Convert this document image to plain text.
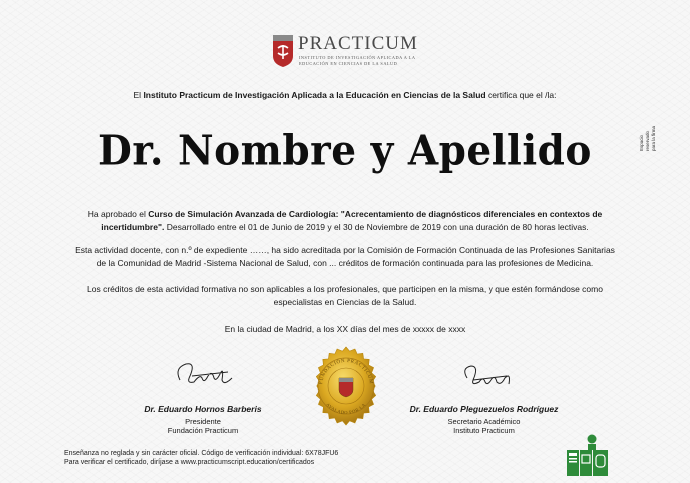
PRACTICUM
INSTITUTO DE INVESTIGACIÓN APLICADA A LA
EDUCACIÓN EN CIENCIAS DE LA SALUD
El Instituto Practicum de Investigación Aplicada a la Educación en Ciencias de la Salud certifica que el /la:
Espacio reservado para la firma
Dr. Nombre y Apellido
Ha aprobado el Curso de Simulación Avanzada de Cardiología: "Acrecentamiento de diagnósticos diferenciales en contextos de incertidumbre". Desarrollado entre el 01 de Junio de 2019 y el 30 de Noviembre de 2019 con una duración de 80 horas lectivas.
Esta actividad docente, con n.º de expediente ……, ha sido acreditada por la Comisión de Formación Continuada de las Profesiones Sanitarias de la Comunidad de Madrid -Sistema Nacional de Salud, con ... créditos de formación continuada para las profesiones de Medicina.
Los créditos de esta actividad formativa no son aplicables a los profesionales, que participen en la misma, y que estén formándose como especialistas en Ciencias de la Salud.
En la ciudad de Madrid, a los XX días del mes de xxxxx de xxxx
Dr. Eduardo Hornos Barberis
Presidente
Fundación Practicum
FUNDACIÓN PRACTICUM
AVALADO POR LA	Dr. Eduardo Pleguezuelos Rodríguez
Secretario Académico
Instituto Practicum
Enseñanza no reglada y sin carácter oficial. Código de verificación individual: 6X78JFU6
Para verificar el certificado, diríjase a www.practicumscript.education/certificados
